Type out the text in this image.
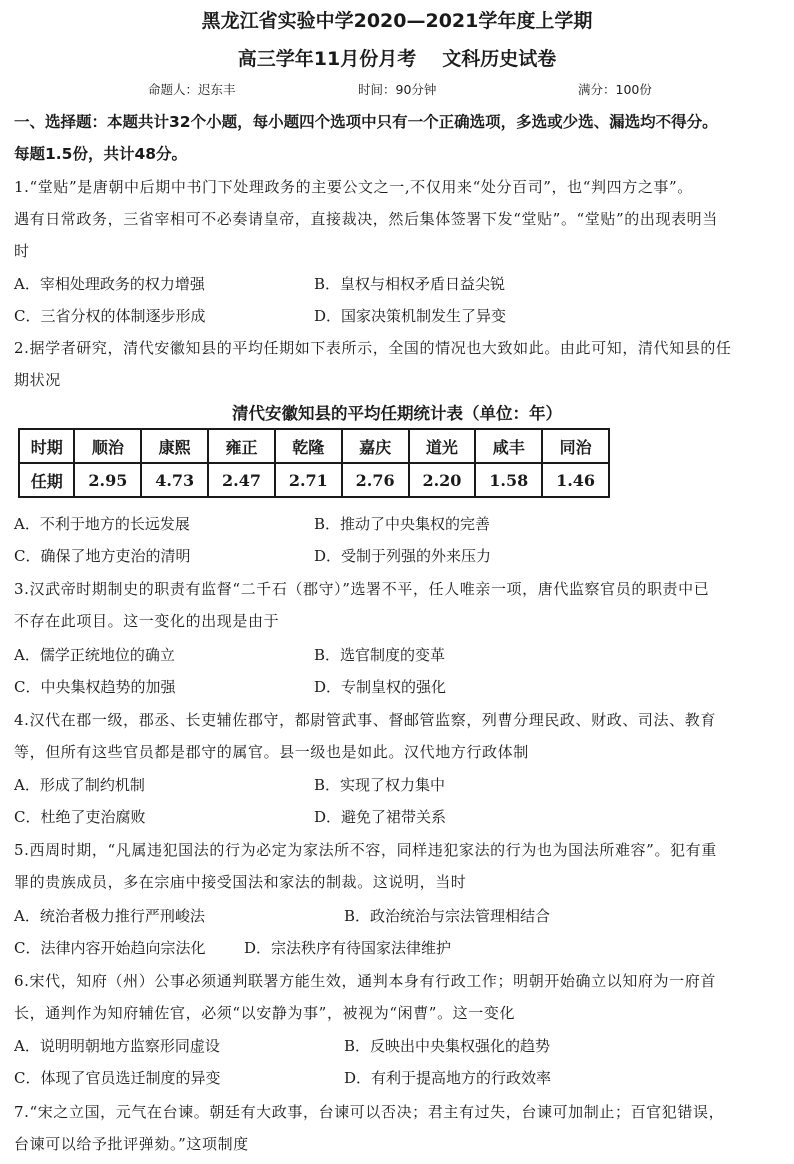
黑龙江省实验中学2020—2021学年度上学期
高三学年11月份月考 文科历史试卷
命题人：迟东丰	时间：90分钟	满分：100份
一、选择题：本题共计32个小题，每小题四个选项中只有一个正确选项，多选或少选、漏选均不得分。
每题1.5份，共计48分。
1.“堂贴”是唐朝中后期中书门下处理政务的主要公文之一,不仅用来“处分百司”，也“判四方之事”。
遇有日常政务，三省宰相可不必奏请皇帝，直接裁决，然后集体签署下发“堂贴”。“堂贴”的出现表明当
时
A．宰相处理政务的权力增强	B．皇权与相权矛盾日益尖锐
C．三省分权的体制逐步形成	D．国家决策机制发生了异变
2.据学者研究，清代安徽知县的平均任期如下表所示，全国的情况也大致如此。由此可知，清代知县的任
期状况
清代安徽知县的平均任期统计表（单位：年）
时期	顺治	康熙	雍正	乾隆	嘉庆	道光	咸丰	同治
任期	2.95	4.73	2.47	2.71	2.76	2.20	1.58	1.46
A．不利于地方的长远发展	B．推动了中央集权的完善
C．确保了地方吏治的清明	D．受制于列强的外来压力
3.汉武帝时期制史的职责有监督“二千石（郡守）”选署不平，任人唯亲一项，唐代监察官员的职责中已
不存在此项目。这一变化的出现是由于
A．儒学正统地位的确立	B．选官制度的变革
C．中央集权趋势的加强	D．专制皇权的强化
4.汉代在郡一级，郡丞、长吏辅佐郡守，都尉管武事、督邮管监察，列曹分理民政、财政、司法、教育
等，但所有这些官员都是郡守的属官。县一级也是如此。汉代地方行政体制
A．形成了制约机制	B．实现了权力集中
C．杜绝了吏治腐败	D．避免了裙带关系
5.西周时期，“凡属违犯国法的行为必定为家法所不容，同样违犯家法的行为也为国法所难容”。犯有重
罪的贵族成员，多在宗庙中接受国法和家法的制裁。这说明，当时
A．统治者极力推行严刑峻法	B．政治统治与宗法管理相结合
C．法律内容开始趋向宗法化	D．宗法秩序有待国家法律维护
6.宋代，知府（州）公事必须通判联署方能生效，通判本身有行政工作；明朝开始确立以知府为一府首
长，通判作为知府辅佐官，必须“以安静为事”，被视为“闲曹”。这一变化
A．说明明朝地方监察形同虚设	B．反映出中央集权强化的趋势
C．体现了官员选迁制度的异变	D．有利于提高地方的行政效率
7.“宋之立国，元气在台谏。朝廷有大政事，台谏可以否决；君主有过失，台谏可加制止；百官犯错误，
台谏可以给予批评弹劾。”这项制度
